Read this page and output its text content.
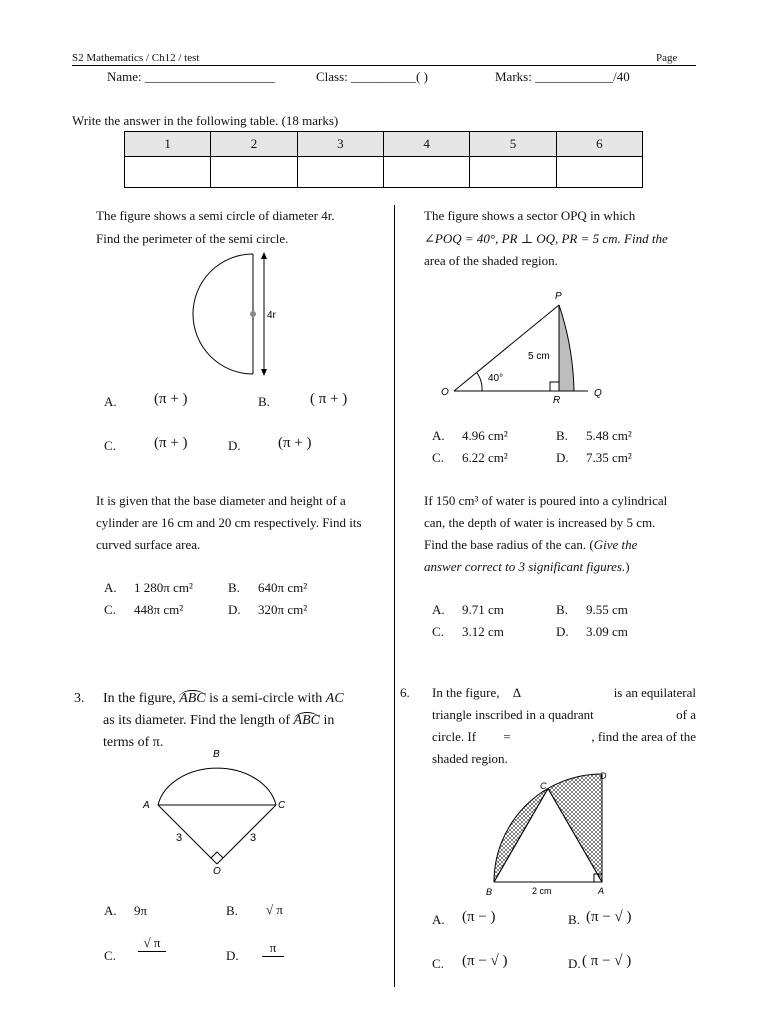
S2 Mathematics / Ch12 / test	Page
Name: ____________________	Class: __________( )	Marks: ____________/40
Write the answer in the following table. (18 marks)
1	2	3	4	5	6

The figure shows a semi circle of diameter 4r.
Find the perimeter of the semi circle.
4r
A. (π + )	B.	( π + )
C.	(π + )	D. (π + )
The figure shows a sector OPQ in which
∠POQ = 40°, PR ⊥ OQ, PR = 5 cm. Find the
area of the shaded region.
P
O	Q
R
5 cm
40°
A. 4.96 cm²	B. 5.48 cm²
C. 6.22 cm²	D. 7.35 cm²
It is given that the base diameter and height of a
cylinder are 16 cm and 20 cm respectively. Find its
curved surface area.
A. 1 280π cm²	B. 640π cm²
C. 448π cm²	D. 320π cm²
If 150 cm³ of water is poured into a cylindrical
can, the depth of water is increased by 5 cm.
Find the base radius of the can. (Give the
answer correct to 3 significant figures.)
A. 9.71 cm	B. 9.55 cm
C. 3.12 cm	D. 3.09 cm
3. In the figure, ABC is a semi-circle with AC
as its diameter. Find the length of ABC in
terms of π.
B
A	C
O
3	3
A. 9π	B. √ π
C.
√ π
D.
π
6. In the figure, Δ	is an equilateral
triangle inscribed in a quadrant	of a
circle. If =	, find the area of the
shaded region.
B
C
D
A
2 cm
A. (π − )	B. (π − √ )
C. (π − √ )	D. ( π − √ )
